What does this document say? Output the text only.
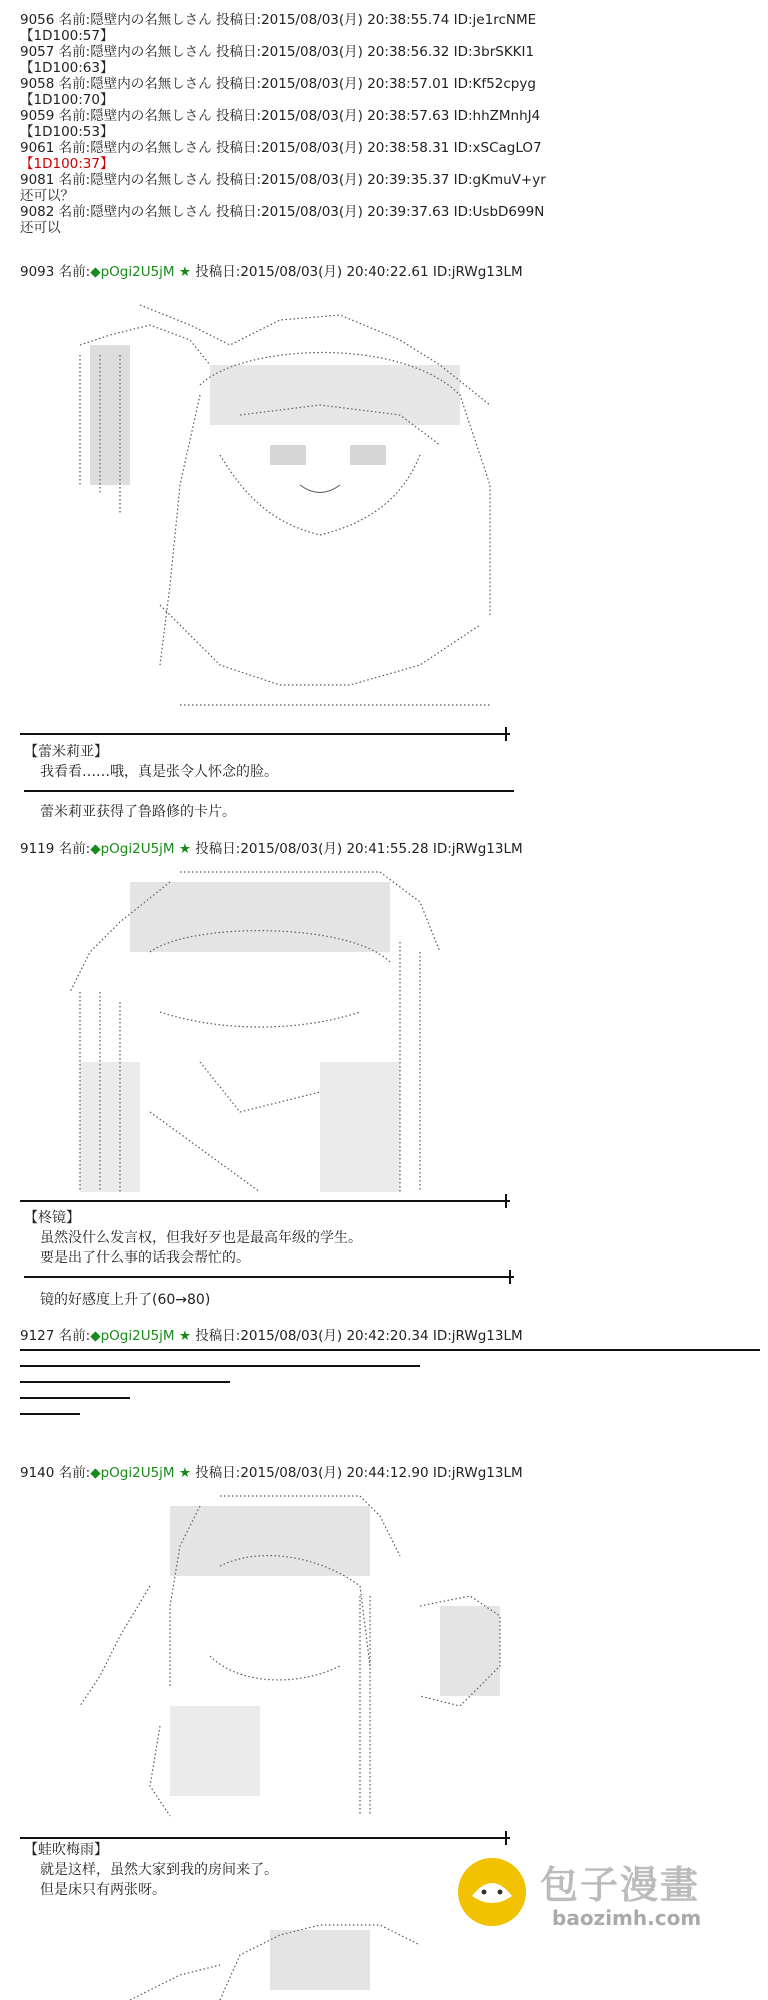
9056 名前:隠壁内の名無しさん 投稿日:2015/08/03(月) 20:38:55.74 ID:je1rcNME
【1D100:57】
9057 名前:隠壁内の名無しさん 投稿日:2015/08/03(月) 20:38:56.32 ID:3brSKKI1
【1D100:63】
9058 名前:隠壁内の名無しさん 投稿日:2015/08/03(月) 20:38:57.01 ID:Kf52cpyg
【1D100:70】
9059 名前:隠壁内の名無しさん 投稿日:2015/08/03(月) 20:38:57.63 ID:hhZMnhJ4
【1D100:53】
9061 名前:隠壁内の名無しさん 投稿日:2015/08/03(月) 20:38:58.31 ID:xSCagLO7
【1D100:37】
9081 名前:隠壁内の名無しさん 投稿日:2015/08/03(月) 20:39:35.37 ID:gKmuV+yr
还可以？
9082 名前:隠壁内の名無しさん 投稿日:2015/08/03(月) 20:39:37.63 ID:UsbD699N
还可以
9093 名前:◆pOgi2U5jM ★ 投稿日:2015/08/03(月) 20:40:22.61 ID:jRWg13LM
【蕾米莉亚】
我看看……哦，真是张令人怀念的脸。
蕾米莉亚获得了鲁路修的卡片。
9119 名前:◆pOgi2U5jM ★ 投稿日:2015/08/03(月) 20:41:55.28 ID:jRWg13LM
【柊镜】
虽然没什么发言权，但我好歹也是最高年级的学生。
要是出了什么事的话我会帮忙的。
镜的好感度上升了(60→80)
9127 名前:◆pOgi2U5jM ★ 投稿日:2015/08/03(月) 20:42:20.34 ID:jRWg13LM
9140 名前:◆pOgi2U5jM ★ 投稿日:2015/08/03(月) 20:44:12.90 ID:jRWg13LM
【蛙吹梅雨】
就是这样，虽然大家到我的房间来了。
但是床只有两张呀。	包子漫畫
baozimh.com
